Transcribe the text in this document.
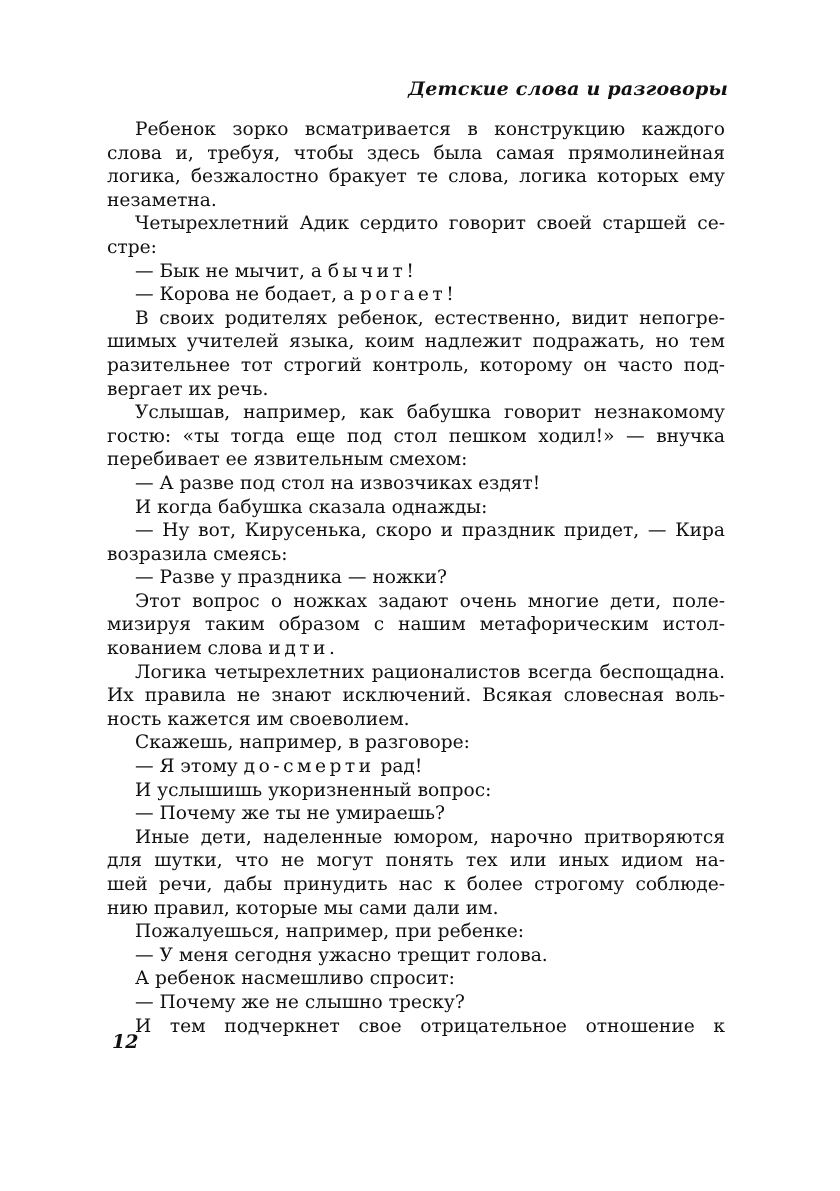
Детские слова и разговоры
Ребенок зорко всматривается в конструкцию каждого
слова и, требуя, чтобы здесь была самая прямолинейная
логика, безжалостно бракует те слова, логика которых ему
незаметна.
Четырехлетний Адик сердито говорит своей старшей се-
стре:
— Бык не мычит, а бычит!
— Корова не бодает, а рогает!
В своих родителях ребенок, естественно, видит непогре-
шимых учителей языка, коим надлежит подражать, но тем
разительнее тот строгий контроль, которому он часто под-
вергает их речь.
Услышав, например, как бабушка говорит незнакомому
гостю: «ты тогда еще под стол пешком ходил!» — внучка
перебивает ее язвительным смехом:
— А разве под стол на извозчиках ездят!
И когда бабушка сказала однажды:
— Ну вот, Кирусенька, скоро и праздник придет, — Кира
возразила смеясь:
— Разве у праздника — ножки?
Этот вопрос о ножках задают очень многие дети, поле-
мизируя таким образом с нашим метафорическим истол-
кованием слова идти.
Логика четырехлетних рационалистов всегда беспощадна.
Их правила не знают исключений. Всякая словесная воль-
ность кажется им своеволием.
Скажешь, например, в разговоре:
— Я этому до-смерти рад!
И услышишь укоризненный вопрос:
— Почему же ты не умираешь?
Иные дети, наделенные юмором, нарочно притворяются
для шутки, что не могут понять тех или иных идиом на-
шей речи, дабы принудить нас к более строгому соблюде-
нию правил, которые мы сами дали им.
Пожалуешься, например, при ребенке:
— У меня сегодня ужасно трещит голова.
А ребенок насмешливо спросит:
— Почему же не слышно треску?
И тем подчеркнет свое отрицательное отношение к
12
